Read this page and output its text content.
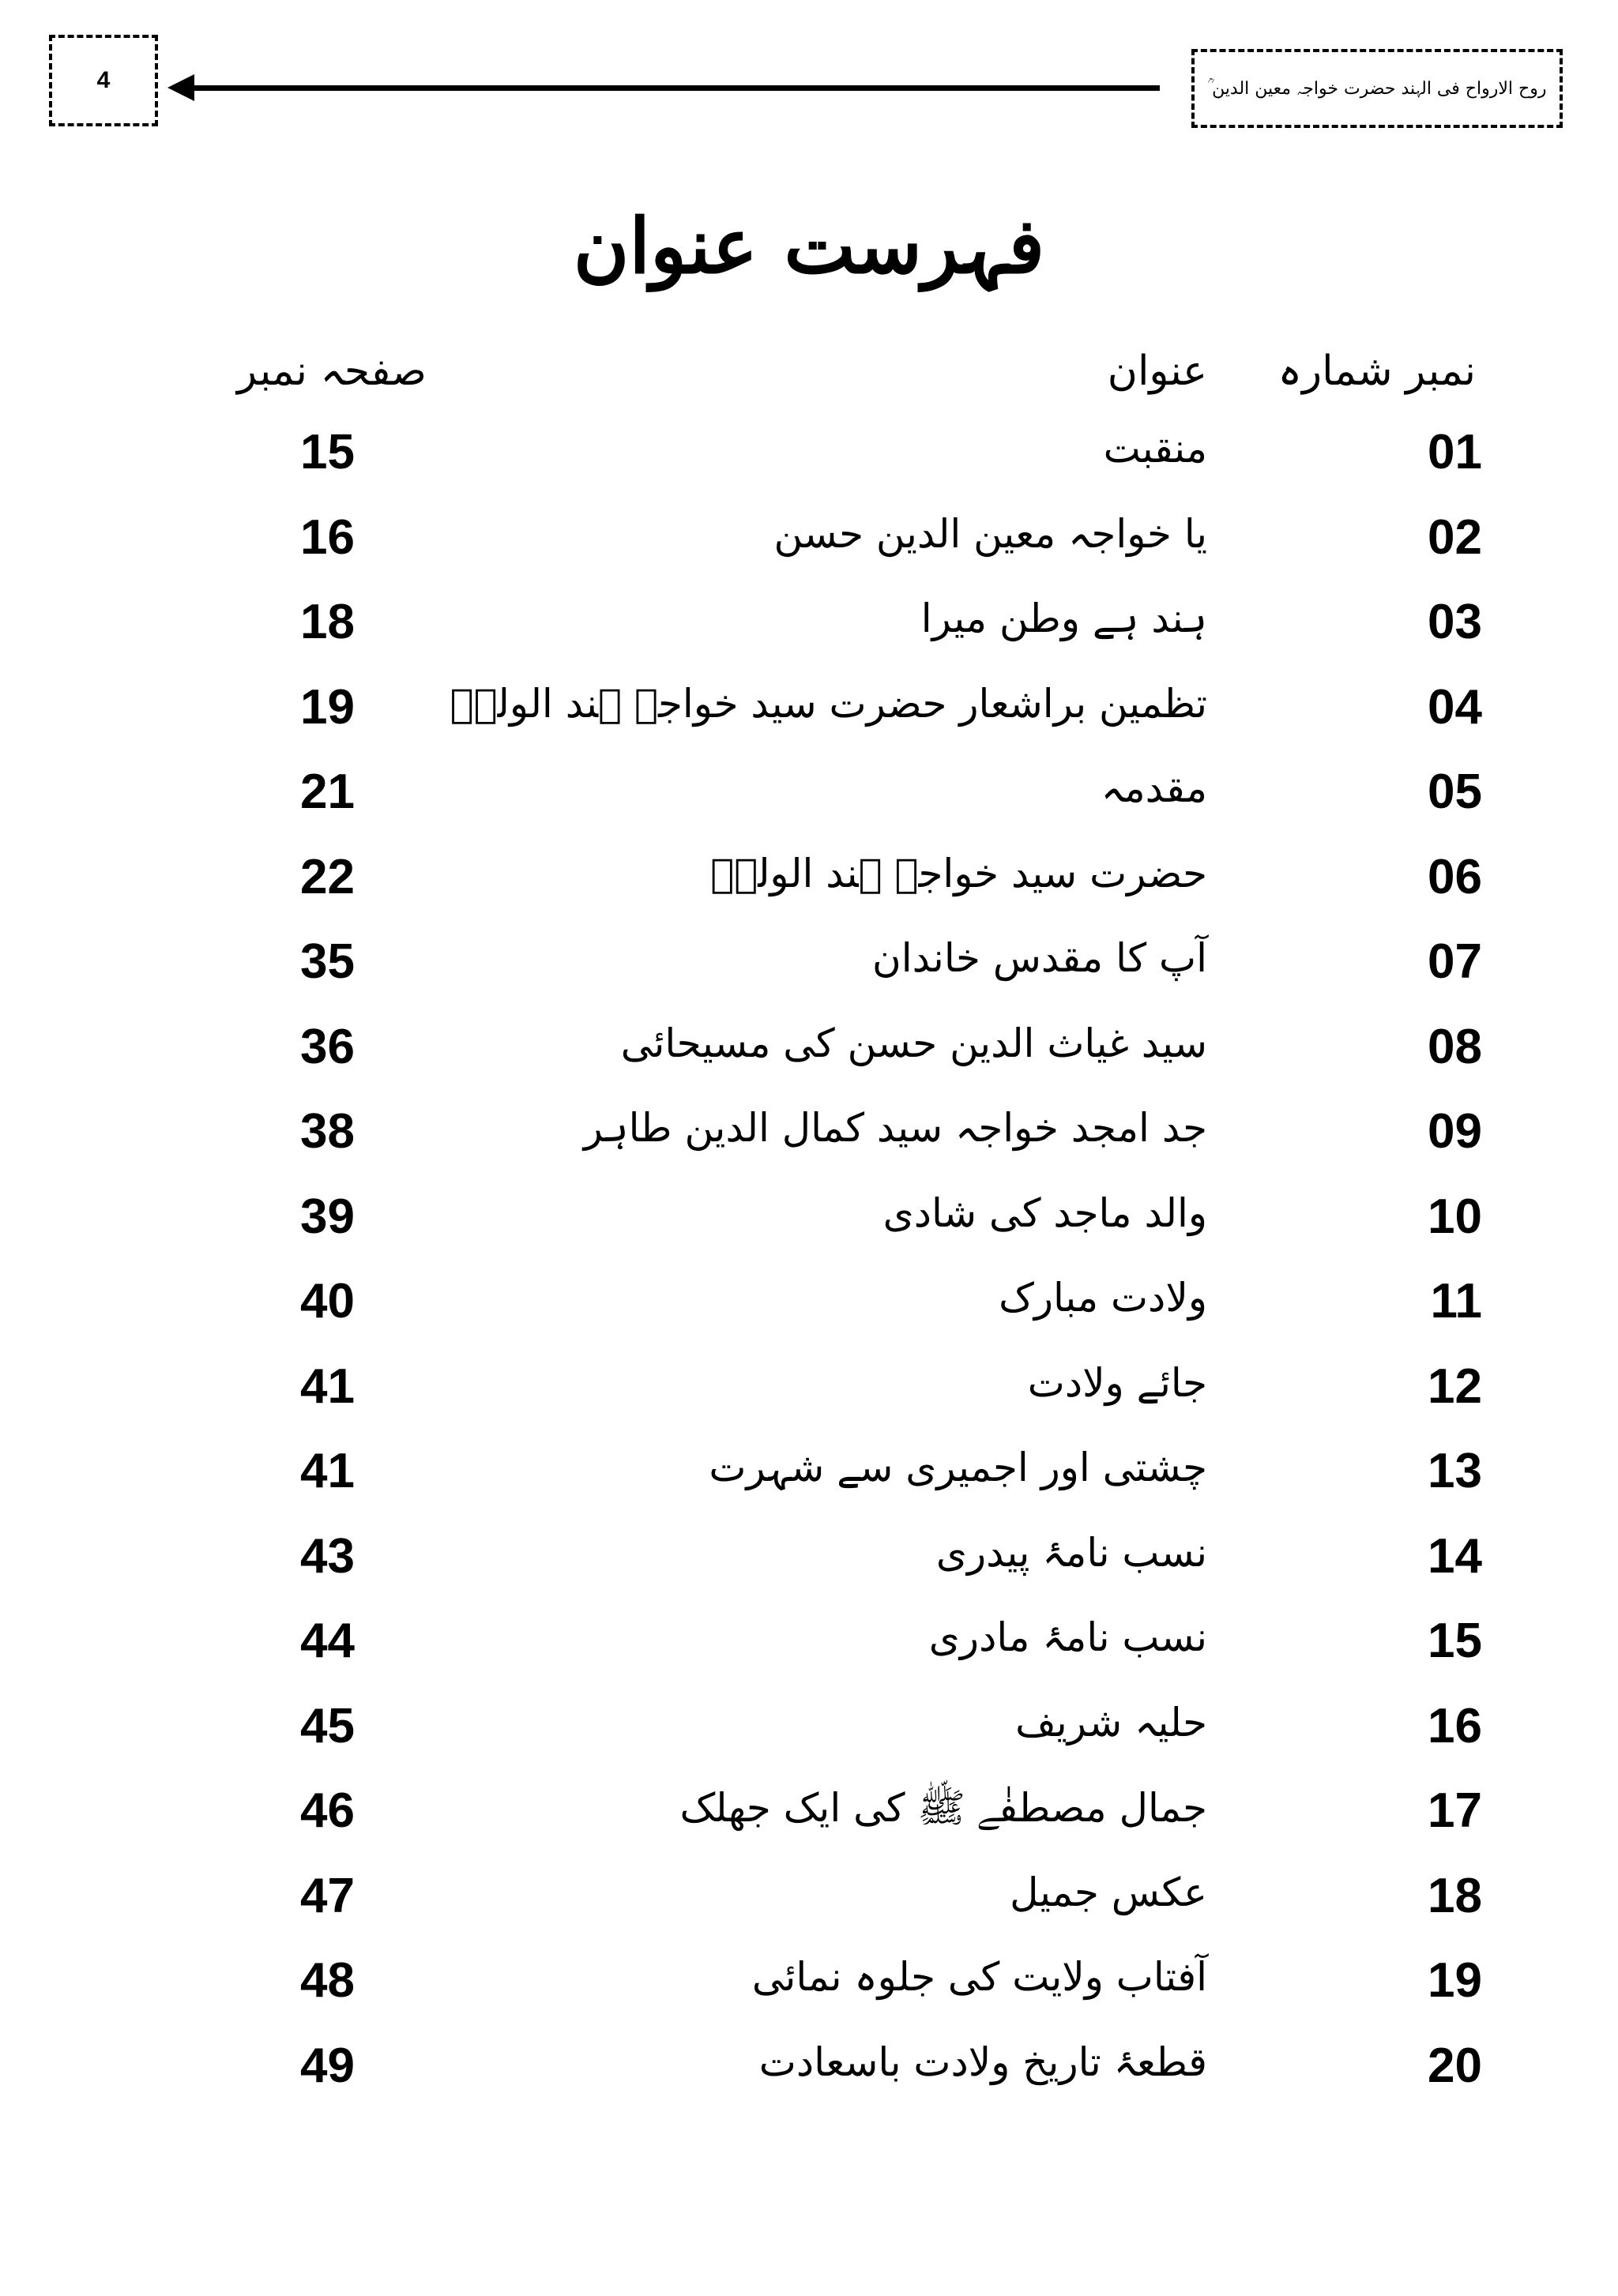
4	روح الارواح فی الہند حضرت خواجہ معین الدین ؒ
فہرست عنوان
نمبر شمارہ
عنوان
صفحہ نمبر
01
منقبت
15
02
یا خواجہ معین الدین حسن
16
03
ہند ہے وطن میرا
18
04
تظمین براشعار حضرت سید خواجہ ہند الولیؒ
19
05
مقدمہ
21
06
حضرت سید خواجہ ہند الولیؒ
22
07
آپ کا مقدس خاندان
35
08
سید غیاث الدین حسن کی مسیحائی
36
09
جد امجد خواجہ سید کمال الدین طاہر
38
10
والد ماجد کی شادی
39
11
ولادت مبارک
40
12
جائے ولادت
41
13
چشتی اور اجمیری سے شہرت
41
14
نسب نامۂ پیدری
43
15
نسب نامۂ مادری
44
16
حلیہ شریف
45
17
جمال مصطفٰے ﷺ کی ایک جھلک
46
18
عکس جمیل
47
19
آفتاب ولایت کی جلوہ نمائی
48
20
قطعۂ تاریخ ولادت باسعادت
49
